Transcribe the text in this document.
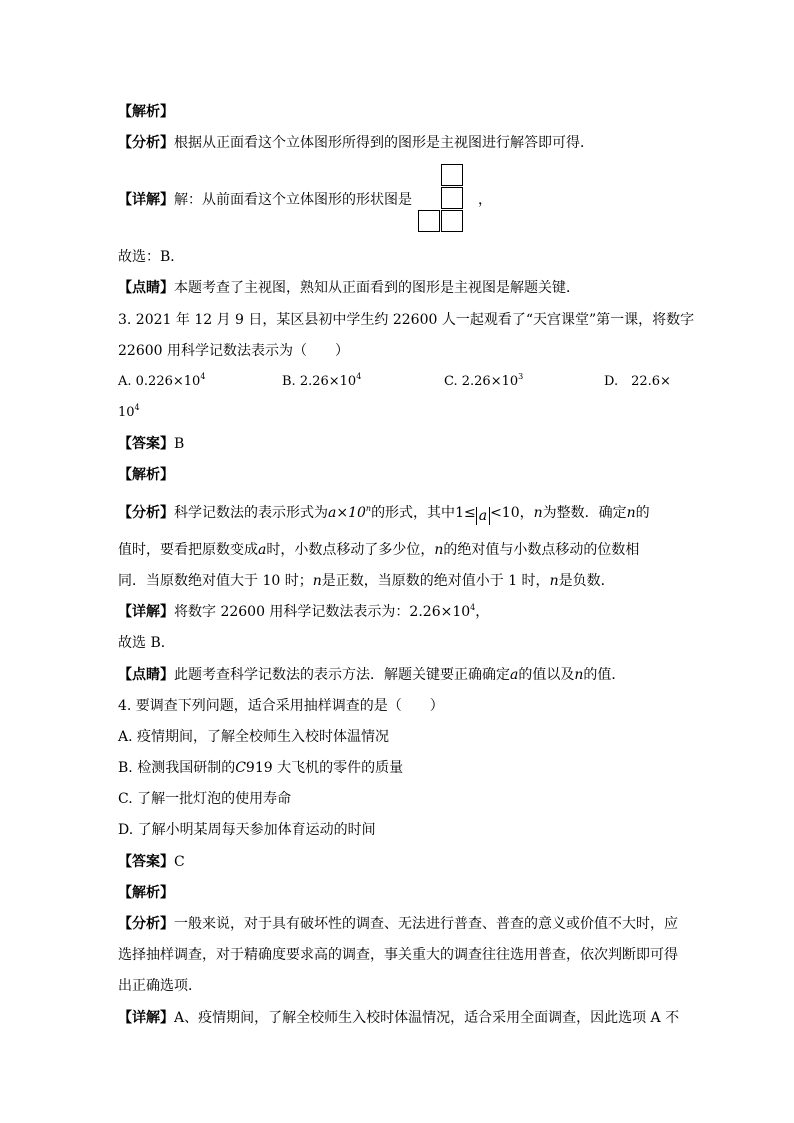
【解析】
【分析】根据从正面看这个立体图形所得到的图形是主视图进行解答即可得．
【详解】解：从前面看这个立体图形的形状图是	，
故选：B．
【点睛】本题考查了主视图，熟知从正面看到的图形是主视图是解题关键．
3. 2021 年 12 月 9 日，某区县初中学生约 22600 人一起观看了“天宫课堂”第一课，将数字
22600 用科学记数法表示为（　　）
A. $0.226\times 10^4$	B. $2.26\times 10^4$	C. $2.26\times 10^3$	D.　22.6×
$10^4$
【答案】B
【解析】
【分析】科学记数法的表示形式为$a\times 10^n$的形式，其中1≤ a <10，n为整数．确定n的
值时，要看把原数变成a时，小数点移动了多少位，n的绝对值与小数点移动的位数相
同．当原数绝对值大于 10 时；n是正数，当原数的绝对值小于 1 时，n是负数．
【详解】将数字 22600 用科学记数法表示为：$2.26\times 10^4$，
故选 B．
【点睛】此题考查科学记数法的表示方法．解题关键要正确确定a的值以及n的值．
4. 要调查下列问题，适合采用抽样调查的是（　　）
A. 疫情期间，了解全校师生入校时体温情况
B. 检测我国研制的C919 大飞机的零件的质量
C. 了解一批灯泡的使用寿命
D. 了解小明某周每天参加体育运动的时间
【答案】C
【解析】
【分析】一般来说，对于具有破坏性的调查、无法进行普查、普查的意义或价值不大时，应
选择抽样调查，对于精确度要求高的调查，事关重大的调查往往选用普查，依次判断即可得
出正确选项．
【详解】A、疫情期间，了解全校师生入校时体温情况，适合采用全面调查，因此选项 A 不
